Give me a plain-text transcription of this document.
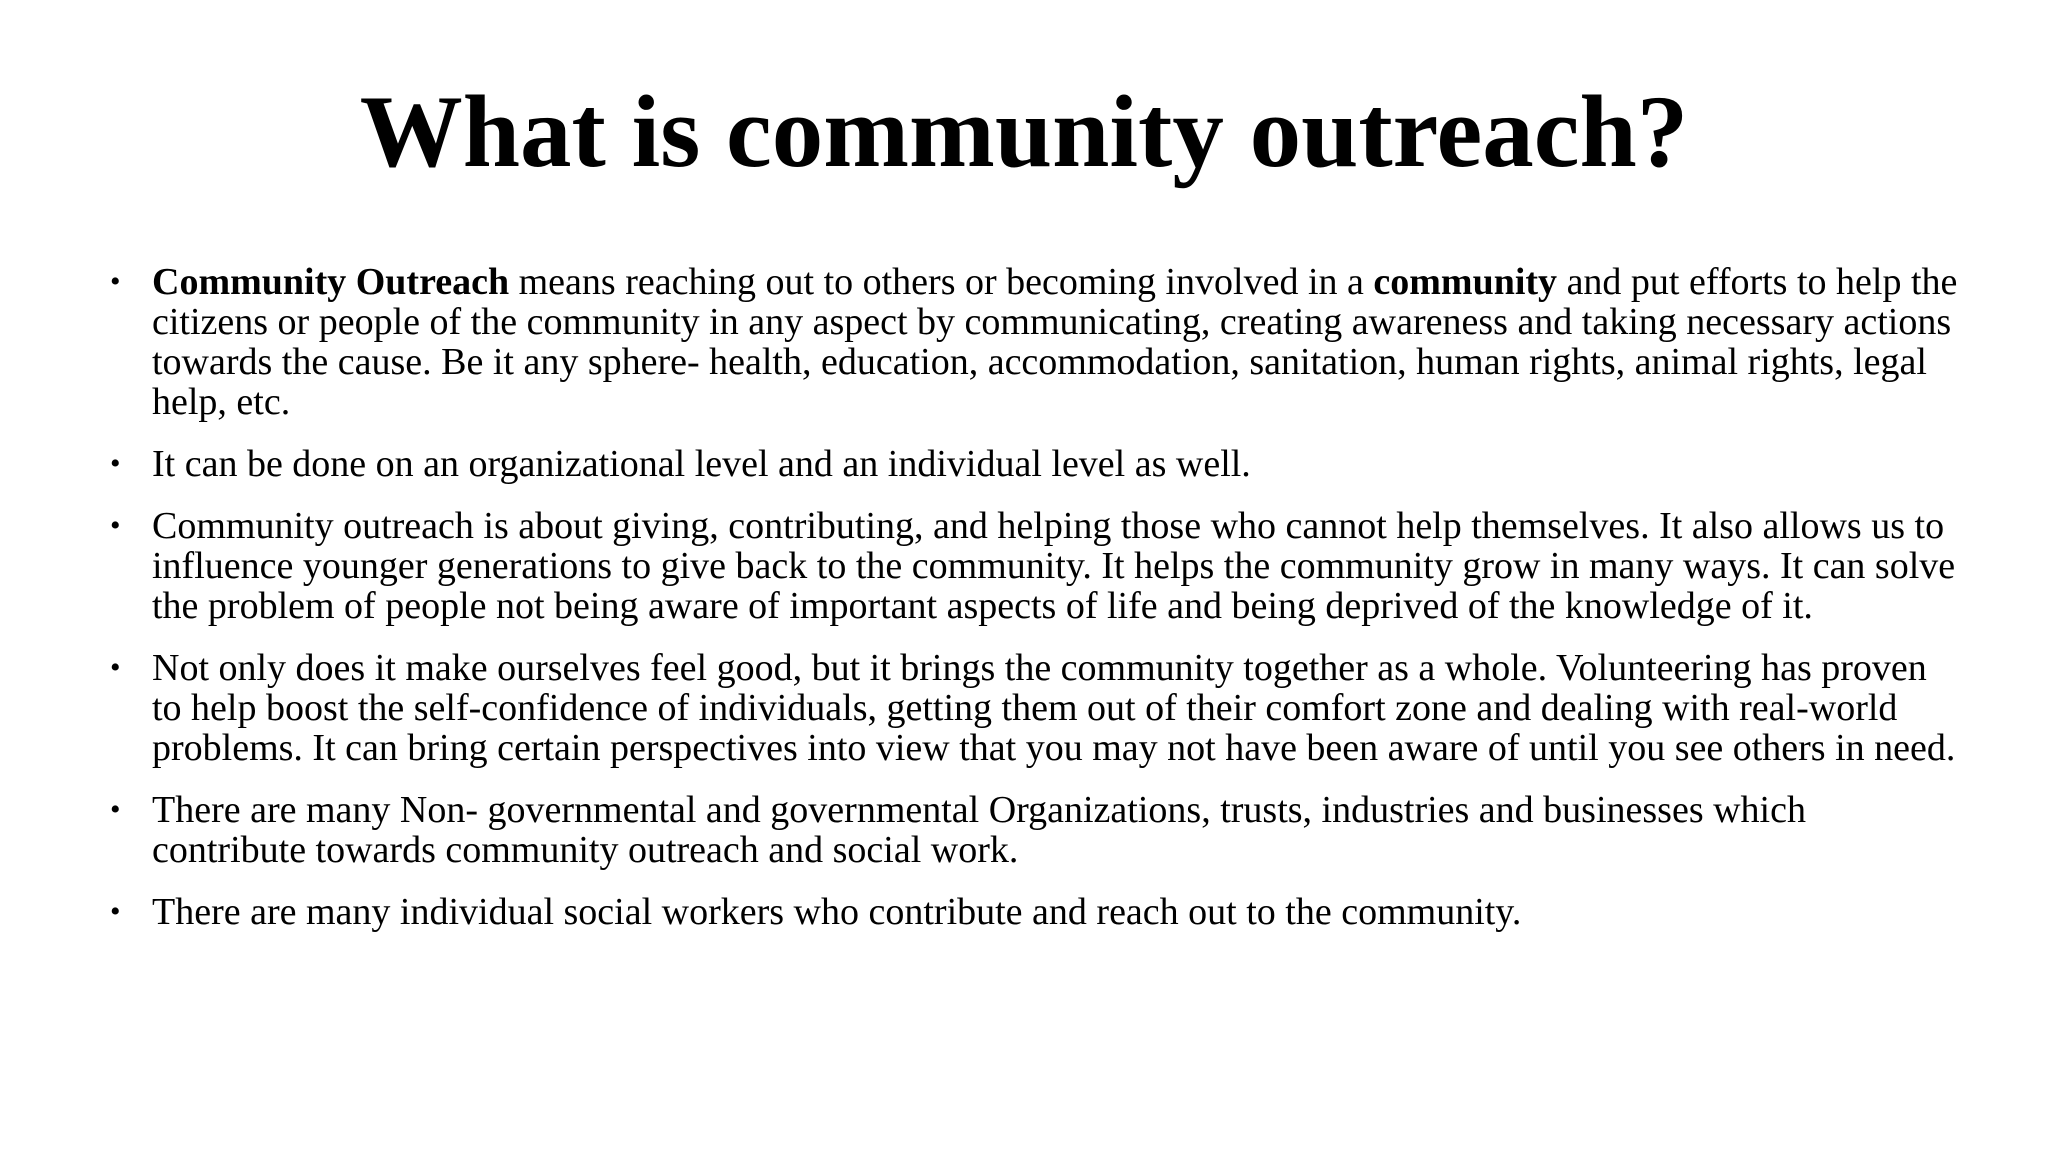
What is community outreach?
• Community Outreach means reaching out to others or becoming involved in a community and put efforts to help the citizens or people of the community in any aspect by communicating, creating awareness and taking necessary actions towards the cause. Be it any sphere- health, education, accommodation, sanitation, human rights, animal rights, legal help, etc.
• It can be done on an organizational level and an individual level as well.
• Community outreach is about giving, contributing, and helping those who cannot help themselves. It also allows us to influence younger generations to give back to the community. It helps the community grow in many ways. It can solve the problem of people not being aware of important aspects of life and being deprived of the knowledge of it.
• Not only does it make ourselves feel good, but it brings the community together as a whole. Volunteering has proven to help boost the self-confidence of individuals, getting them out of their comfort zone and dealing with real-world problems. It can bring certain perspectives into view that you may not have been aware of until you see others in need.
• There are many Non- governmental and governmental Organizations, trusts, industries and businesses which contribute towards community outreach and social work.
• There are many individual social workers who contribute and reach out to the community.
